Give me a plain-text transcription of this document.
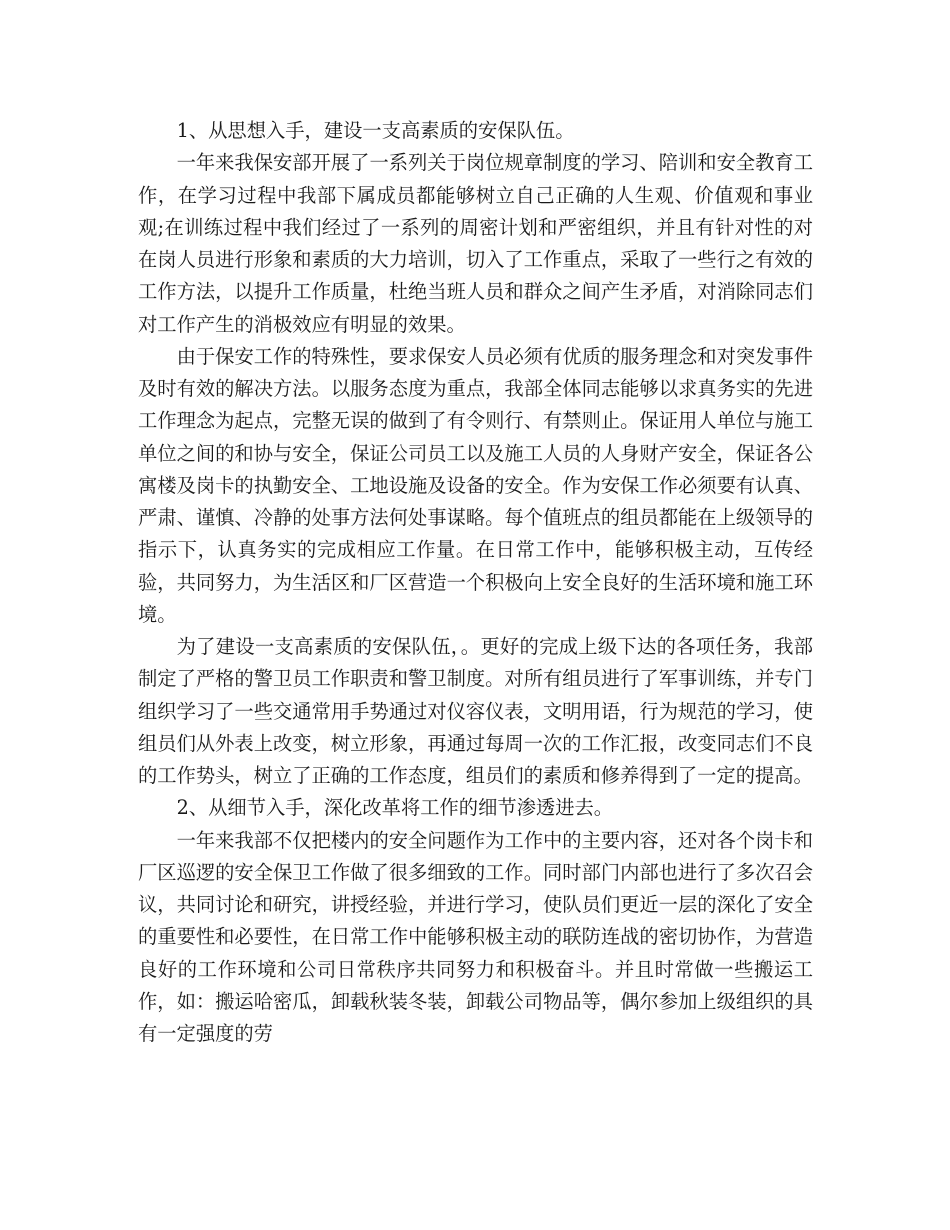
1、从思想入手，建设一支高素质的安保队伍。

一年来我保安部开展了一系列关于岗位规章制度的学习、陪训和安全教育工作，在学习过程中我部下属成员都能够树立自己正确的人生观、价值观和事业观;在训练过程中我们经过了一系列的周密计划和严密组织，并且有针对性的对在岗人员进行形象和素质的大力培训，切入了工作重点，采取了一些行之有效的工作方法，以提升工作质量，杜绝当班人员和群众之间产生矛盾，对消除同志们对工作产生的消极效应有明显的效果。

由于保安工作的特殊性，要求保安人员必须有优质的服务理念和对突发事件及时有效的解决方法。以服务态度为重点，我部全体同志能够以求真务实的先进工作理念为起点，完整无误的做到了有令则行、有禁则止。保证用人单位与施工单位之间的和协与安全，保证公司员工以及施工人员的人身财产安全，保证各公寓楼及岗卡的执勤安全、工地设施及设备的安全。作为安保工作必须要有认真、严肃、谨慎、冷静的处事方法何处事谋略。每个值班点的组员都能在上级领导的指示下，认真务实的完成相应工作量。在日常工作中，能够积极主动，互传经验，共同努力，为生活区和厂区营造一个积极向上安全良好的生活环境和施工环境。

为了建设一支高素质的安保队伍，。更好的完成上级下达的各项任务，我部制定了严格的警卫员工作职责和警卫制度。对所有组员进行了军事训练，并专门组织学习了一些交通常用手势通过对仪容仪表，文明用语，行为规范的学习，使组员们从外表上改变，树立形象，再通过每周一次的工作汇报，改变同志们不良的工作势头，树立了正确的工作态度，组员们的素质和修养得到了一定的提高。

2、从细节入手，深化改革将工作的细节渗透进去。

一年来我部不仅把楼内的安全问题作为工作中的主要内容，还对各个岗卡和厂区巡逻的安全保卫工作做了很多细致的工作。同时部门内部也进行了多次召会议，共同讨论和研究，讲授经验，并进行学习，使队员们更近一层的深化了安全的重要性和必要性，在日常工作中能够积极主动的联防连战的密切协作，为营造良好的工作环境和公司日常秩序共同努力和积极奋斗。并且时常做一些搬运工作，如：搬运哈密瓜，卸载秋装冬装，卸载公司物品等，偶尔参加上级组织的具有一定强度的劳
